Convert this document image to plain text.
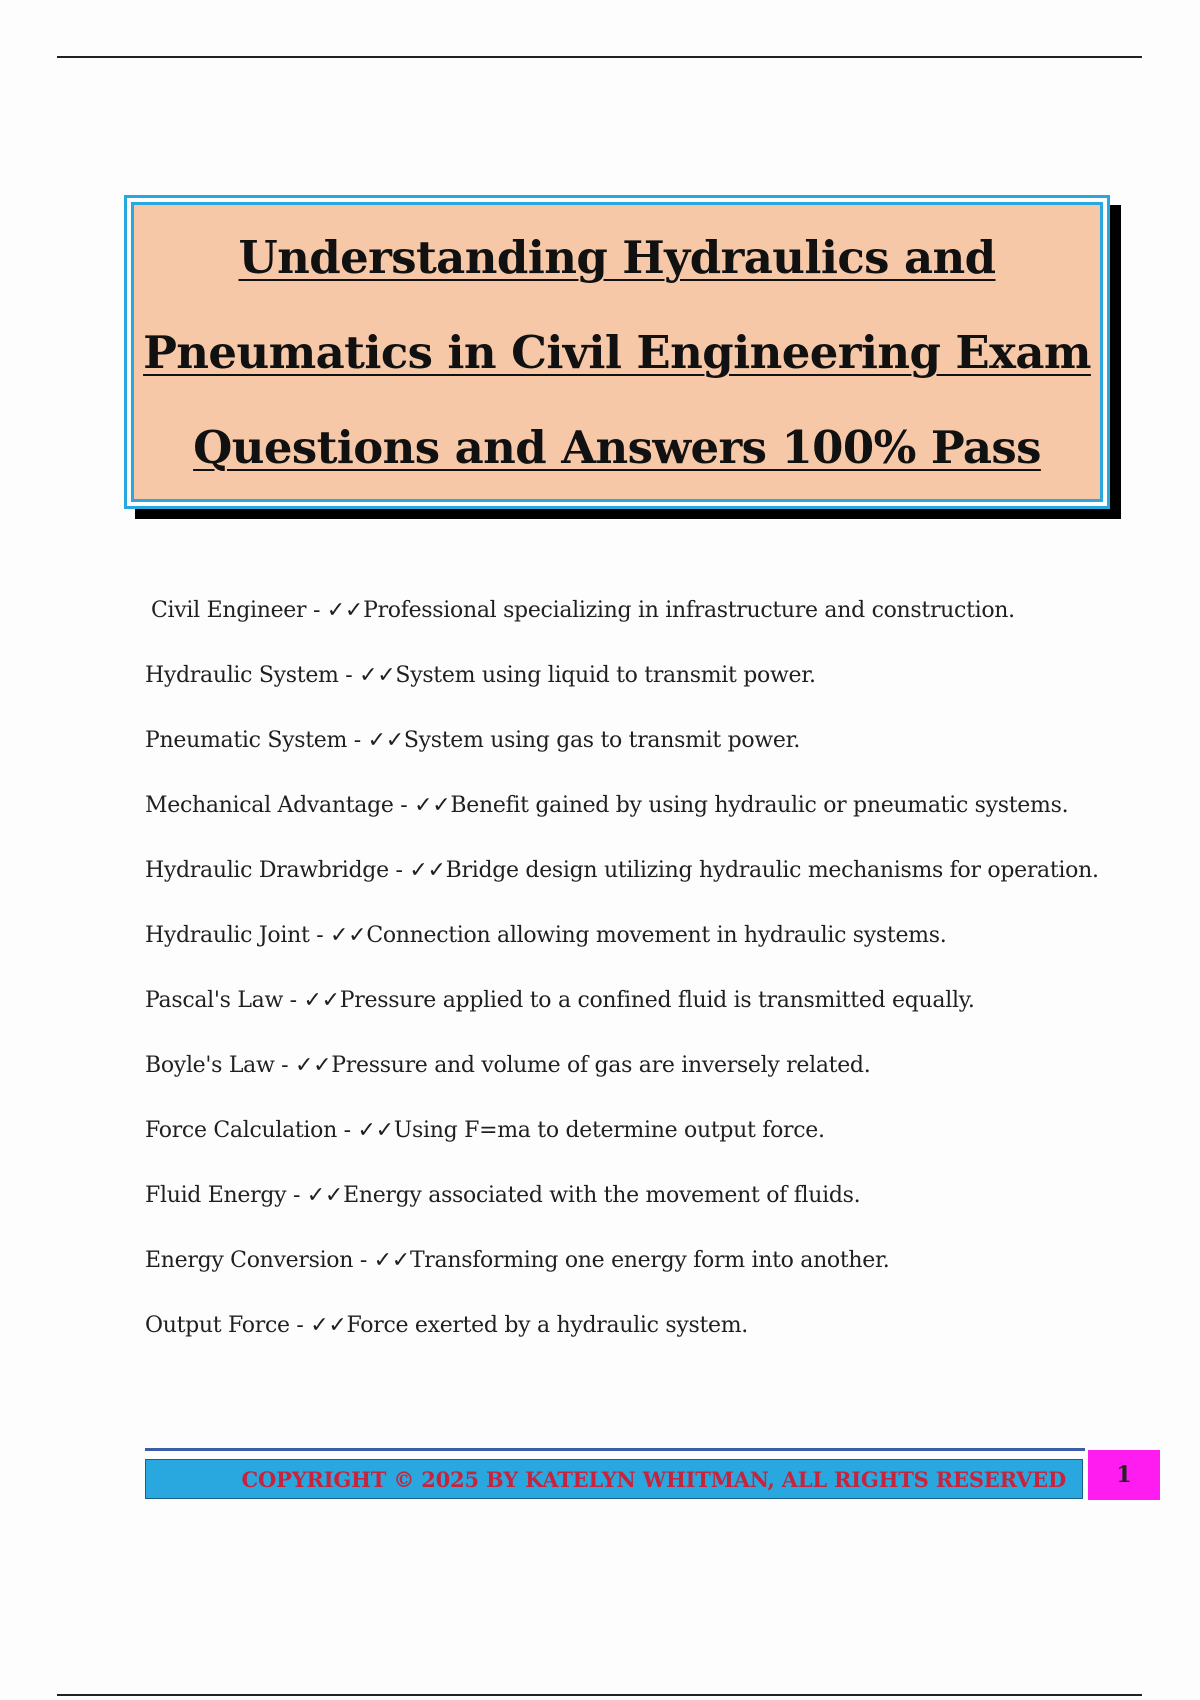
Understanding Hydraulics and
Pneumatics in Civil Engineering Exam
Questions and Answers 100% Pass
Civil Engineer - ✓✓Professional specializing in infrastructure and construction.
Hydraulic System - ✓✓System using liquid to transmit power.
Pneumatic System - ✓✓System using gas to transmit power.
Mechanical Advantage - ✓✓Benefit gained by using hydraulic or pneumatic systems.
Hydraulic Drawbridge - ✓✓Bridge design utilizing hydraulic mechanisms for operation.
Hydraulic Joint - ✓✓Connection allowing movement in hydraulic systems.
Pascal's Law - ✓✓Pressure applied to a confined fluid is transmitted equally.
Boyle's Law - ✓✓Pressure and volume of gas are inversely related.
Force Calculation - ✓✓Using F=ma to determine output force.
Fluid Energy - ✓✓Energy associated with the movement of fluids.
Energy Conversion - ✓✓Transforming one energy form into another.
Output Force - ✓✓Force exerted by a hydraulic system.
COPYRIGHT © 2025 BY KATELYN WHITMAN, ALL RIGHTS RESERVED	1
